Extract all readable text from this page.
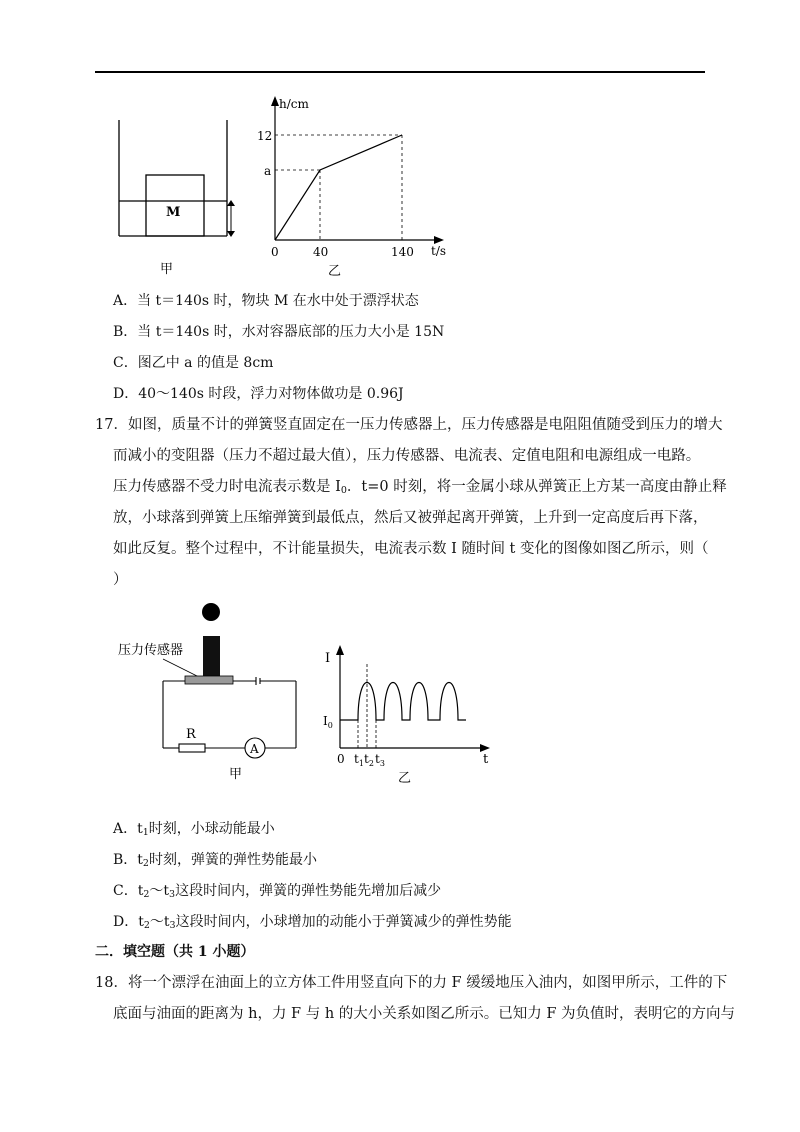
M
甲
h/cm
t/s
12
a
0	40	140
乙
A．当 t＝140s 时，物块 M 在水中处于漂浮状态
B．当 t＝140s 时，水对容器底部的压力大小是 15N
C．图乙中 a 的值是 8cm
D．40～140s 时段，浮力对物体做功是 0.96J
17．如图，质量不计的弹簧竖直固定在一压力传感器上，压力传感器是电阻阻值随受到压力的增大
而减小的变阻器（压力不超过最大值），压力传感器、电流表、定值电阻和电源组成一电路。
压力传感器不受力时电流表示数是 $I_0$．t=0 时刻，将一金属小球从弹簧正上方某一高度由静止释
放，小球落到弹簧上压缩弹簧到最低点，然后又被弹起离开弹簧，上升到一定高度后再下落，
如此反复。整个过程中，不计能量损失，电流表示数 I 随时间 t 变化的图像如图乙所示，则（
）
压力传感器
R
A
甲
I
t
$I_0$
0 $t_1$ $t_2$ $t_3$
乙
A．$t_1$时刻，小球动能最小
B．$t_2$时刻，弹簧的弹性势能最小
C．$t_2\sim t_3$这段时间内，弹簧的弹性势能先增加后减少
D．$t_2\sim t_3$这段时间内，小球增加的动能小于弹簧减少的弹性势能
二．填空题（共 1 小题）
18．将一个漂浮在油面上的立方体工件用竖直向下的力 F 缓缓地压入油内，如图甲所示，工件的下
底面与油面的距离为 h，力 F 与 h 的大小关系如图乙所示。已知力 F 为负值时，表明它的方向与
